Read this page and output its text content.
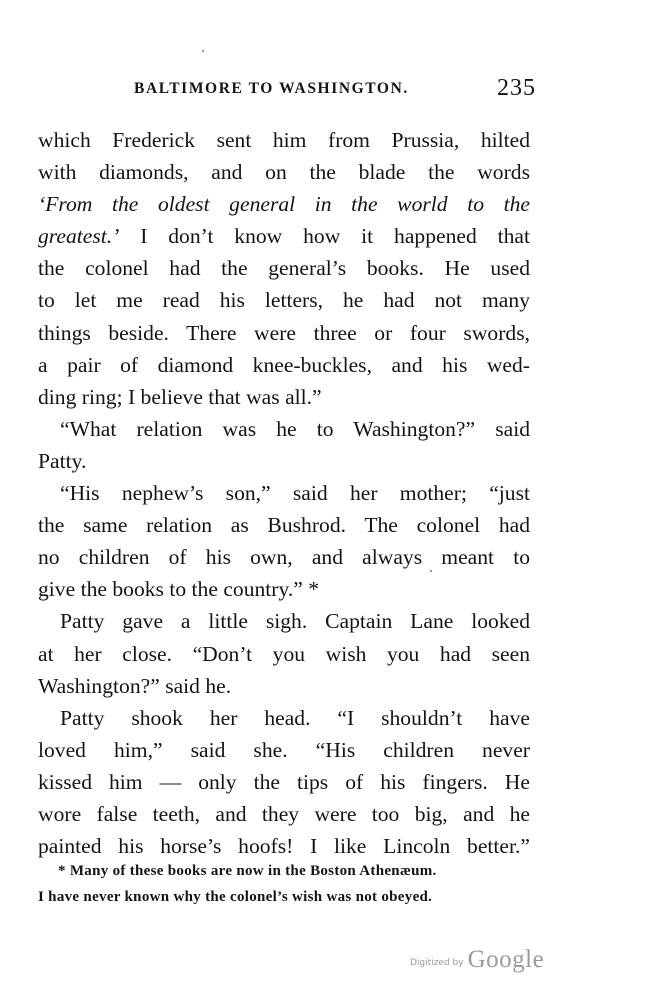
BALTIMORE TO WASHINGTON.	235
which Frederick sent him from Prussia, hilted
with diamonds, and on the blade the words
‘From the oldest general in the world to the
greatest.’ I don’t know how it happened that
the colonel had the general’s books. He used
to let me read his letters, he had not many
things beside. There were three or four swords,
a pair of diamond knee-buckles, and his wed-
ding ring; I believe that was all.”
“What relation was he to Washington?” said
Patty.
“His nephew’s son,” said her mother; “just
the same relation as Bushrod. The colonel had
no children of his own, and always meant to
give the books to the country.” *
Patty gave a little sigh. Captain Lane looked
at her close. “Don’t you wish you had seen
Washington?” said he.
Patty shook her head. “I shouldn’t have
loved him,” said she. “His children never
kissed him — only the tips of his fingers. He
wore false teeth, and they were too big, and he
painted his horse’s hoofs! I like Lincoln better.”
* Many of these books are now in the Boston Athenæum.
I have never known why the colonel’s wish was not obeyed.
Digitized by Google
